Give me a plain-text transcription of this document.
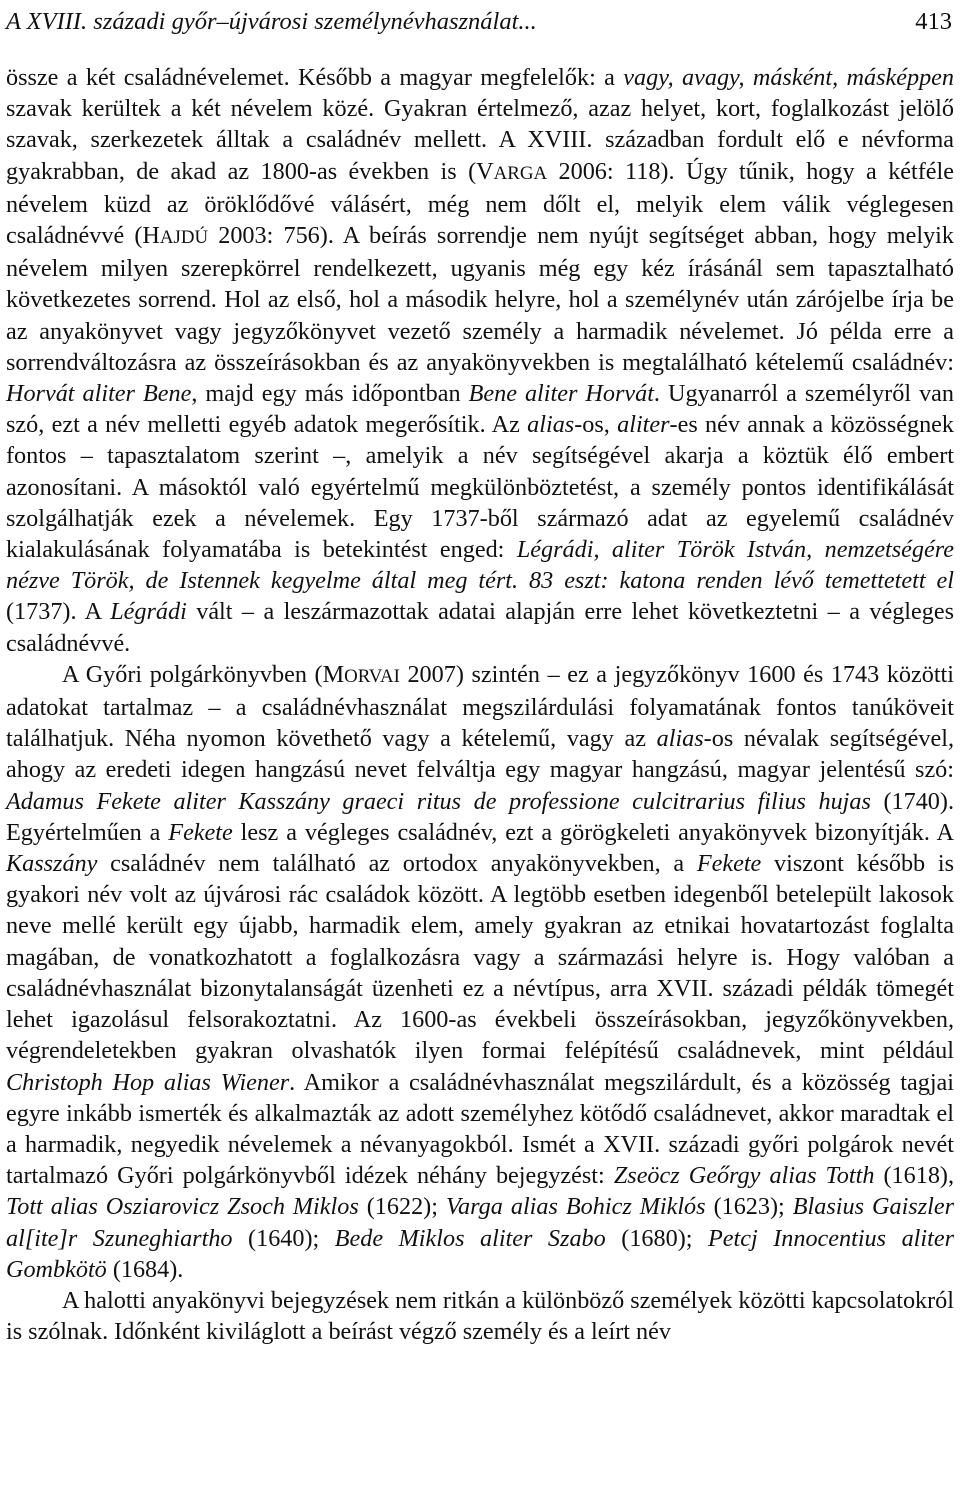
A XVIII. századi győr–újvárosi személynévhasználat...	413

össze a két családnévelemet. Később a magyar megfelelők: a vagy, avagy, másként, másképpen szavak kerültek a két névelem közé. Gyakran értelmező, azaz helyet, kort, foglalkozást jelölő szavak, szerkezetek álltak a családnév mellett. A XVIII. században fordult elő e névforma gyakrabban, de akad az 1800-as években is (VARGA 2006: 118). Úgy tűnik, hogy a kétféle névelem küzd az öröklődővé válásért, még nem dőlt el, melyik elem válik véglegesen családnévvé (HAJDÚ 2003: 756). A beírás sorrendje nem nyújt segítséget abban, hogy melyik névelem milyen szerepkörrel rendelkezett, ugyanis még egy kéz írásánál sem tapasztalható következetes sorrend. Hol az első, hol a második helyre, hol a személynév után zárójelbe írja be az anyakönyvet vagy jegyzőkönyvet vezető személy a harmadik névelemet. Jó példa erre a sorrendváltozásra az összeírásokban és az anyakönyvekben is megtalálható kételemű családnév: Horvát aliter Bene, majd egy más időpontban Bene aliter Horvát. Ugyanarról a személyről van szó, ezt a név melletti egyéb adatok megerősítik. Az alias-os, aliter-es név annak a közösségnek fontos – tapasztalatom szerint –, amelyik a név segítségével akarja a köztük élő embert azonosítani. A másoktól való egyértelmű megkülönböztetést, a személy pontos identifikálását szolgálhatják ezek a névelemek. Egy 1737-ből származó adat az egyelemű családnév kialakulásának folyamatába is betekintést enged: Légrádi, aliter Török István, nemzetségére nézve Török, de Istennek kegyelme által meg tért. 83 eszt: katona renden lévő temettetett el (1737). A Légrádi vált – a leszármazottak adatai alapján erre lehet következtetni – a végleges családnévvé.

A Győri polgárkönyvben (MORVAI 2007) szintén – ez a jegyzőkönyv 1600 és 1743 közötti adatokat tartalmaz – a családnévhasználat megszilárdulási folyamatának fontos tanúköveit találhatjuk. Néha nyomon követhető vagy a kételemű, vagy az alias-os névalak segítségével, ahogy az eredeti idegen hangzású nevet felváltja egy magyar hangzású, magyar jelentésű szó: Adamus Fekete aliter Kasszány graeci ritus de professione culcitrarius filius hujas (1740). Egyértelműen a Fekete lesz a végleges családnév, ezt a görögkeleti anyakönyvek bizonyítják. A Kasszány családnév nem található az ortodox anyakönyvekben, a Fekete viszont később is gyakori név volt az újvárosi rác családok között. A legtöbb esetben idegenből betelepült lakosok neve mellé került egy újabb, harmadik elem, amely gyakran az etnikai hovatartozást foglalta magában, de vonatkozhatott a foglalkozásra vagy a származási helyre is. Hogy valóban a családnévhasználat bizonytalanságát üzenheti ez a névtípus, arra XVII. századi példák tömegét lehet igazolásul felsorakoztatni. Az 1600-as évekbeli összeírásokban, jegyzőkönyvekben, végrendeletekben gyakran olvashatók ilyen formai felépítésű családnevek, mint például Christoph Hop alias Wiener. Amikor a családnévhasználat megszilárdult, és a közösség tagjai egyre inkább ismerték és alkalmazták az adott személyhez kötődő családnevet, akkor maradtak el a harmadik, negyedik névelemek a névanyagokból. Ismét a XVII. századi győri polgárok nevét tartalmazó Győri polgárkönyvből idézek néhány bejegyzést: Zseöcz Geőrgy alias Totth (1618), Tott alias Osziarovicz Zsoch Miklos (1622); Varga alias Bohicz Miklós (1623); Blasius Gaiszler al[ite]r Szuneghiartho (1640); Bede Miklos aliter Szabo (1680); Petcj Innocentius aliter Gombkötö (1684).

A halotti anyakönyvi bejegyzések nem ritkán a különböző személyek közötti kapcsolatokról is szólnak. Időnként kiviláglott a beírást végző személy és a leírt név
